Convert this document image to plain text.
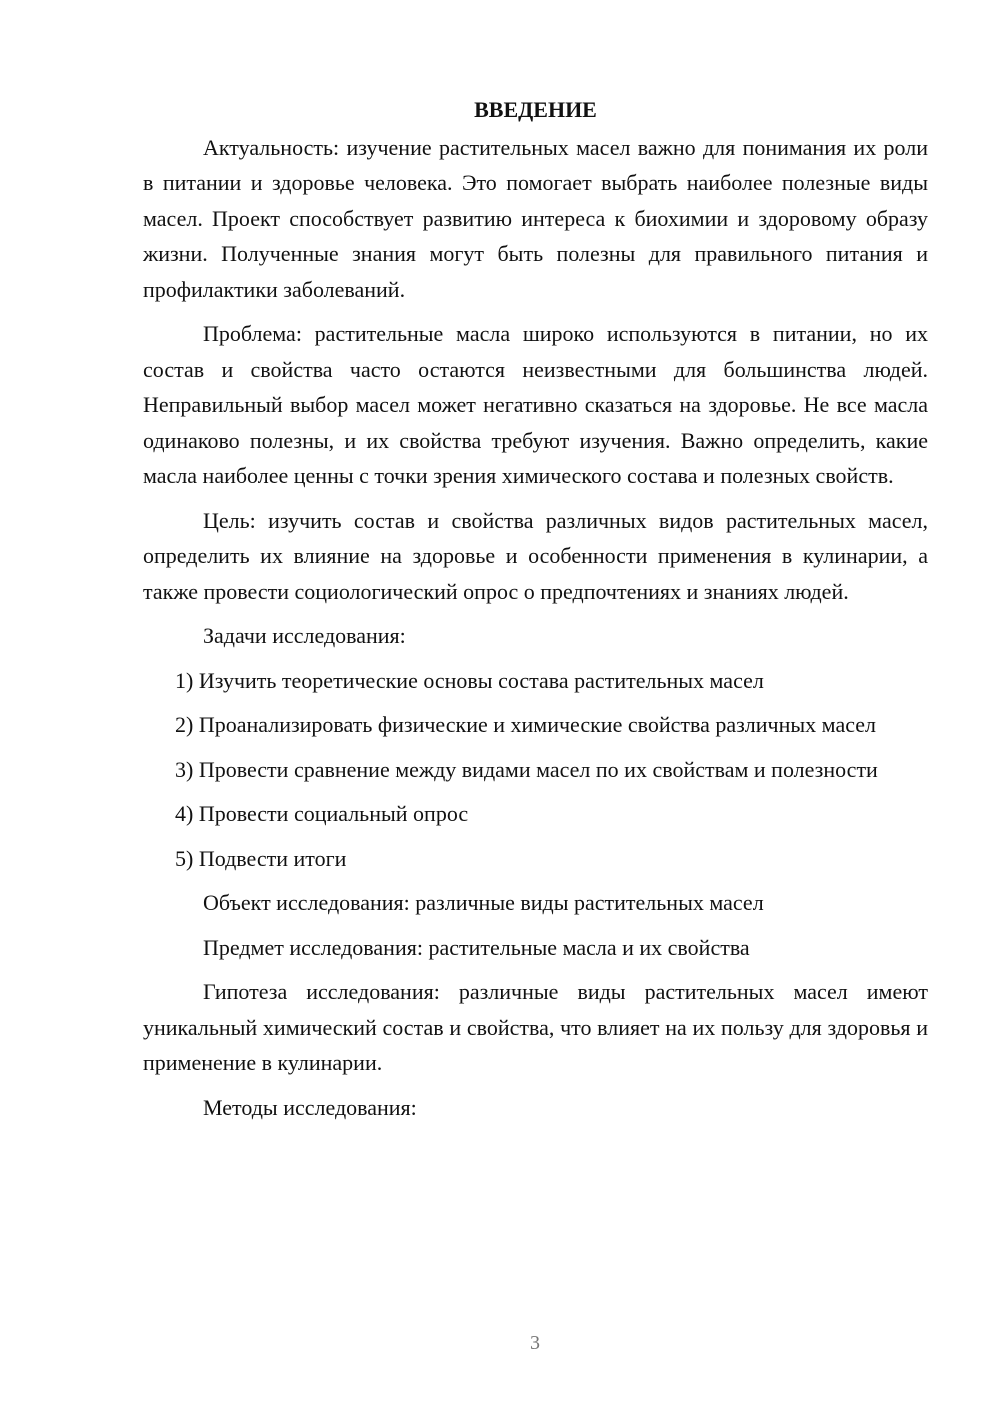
ВВЕДЕНИЕ

Актуальность: изучение растительных масел важно для понимания их роли в питании и здоровье человека. Это помогает выбрать наиболее полезные виды масел. Проект способствует развитию интереса к биохимии и здоровому образу жизни. Полученные знания могут быть полезны для правильного питания и профилактики заболеваний.

Проблема: растительные масла широко используются в питании, но их состав и свойства часто остаются неизвестными для большинства людей. Неправильный выбор масел может негативно сказаться на здоровье. Не все масла одинаково полезны, и их свойства требуют изучения. Важно определить, какие масла наиболее ценны с точки зрения химического состава и полезных свойств.

Цель: изучить состав и свойства различных видов растительных масел, определить их влияние на здоровье и особенности применения в кулинарии, а также провести социологический опрос о предпочтениях и знаниях людей.

Задачи исследования:

1) Изучить теоретические основы состава растительных масел

2) Проанализировать физические и химические свойства различных масел

3) Провести сравнение между видами масел по их свойствам и полезности

4) Провести социальный опрос

5) Подвести итоги

Объект исследования: различные виды растительных масел

Предмет исследования: растительные масла и их свойства

Гипотеза исследования: различные виды растительных масел имеют уникальный химический состав и свойства, что влияет на их пользу для здоровья и применение в кулинарии.

Методы исследования:

3
